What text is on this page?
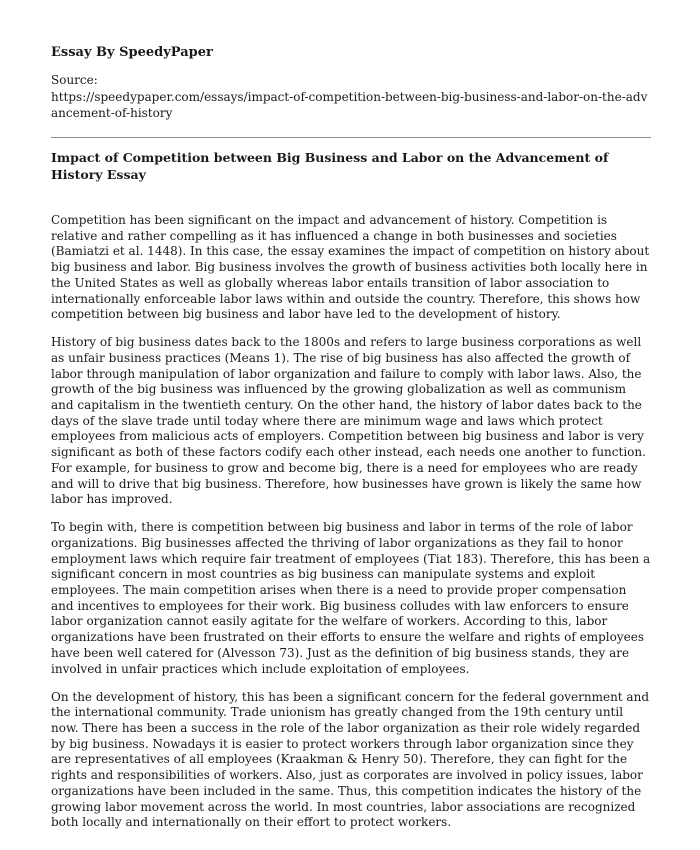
Essay By SpeedyPaper
Source:
https://speedypaper.com/essays/impact-of-competition-between-big-business-and-labor-on-the-advancement-of-history
Impact of Competition between Big Business and Labor on the Advancement of History Essay

Competition has been significant on the impact and advancement of history. Competition is relative and rather compelling as it has influenced a change in both businesses and societies (Bamiatzi et al. 1448). In this case, the essay examines the impact of competition on history about big business and labor. Big business involves the growth of business activities both locally here in the United States as well as globally whereas labor entails transition of labor association to internationally enforceable labor laws within and outside the country. Therefore, this shows how competition between big business and labor have led to the development of history.

History of big business dates back to the 1800s and refers to large business corporations as well as unfair business practices (Means 1). The rise of big business has also affected the growth of labor through manipulation of labor organization and failure to comply with labor laws. Also, the growth of the big business was influenced by the growing globalization as well as communism and capitalism in the twentieth century. On the other hand, the history of labor dates back to the days of the slave trade until today where there are minimum wage and laws which protect employees from malicious acts of employers. Competition between big business and labor is very significant as both of these factors codify each other instead, each needs one another to function. For example, for business to grow and become big, there is a need for employees who are ready and will to drive that big business. Therefore, how businesses have grown is likely the same how labor has improved.

To begin with, there is competition between big business and labor in terms of the role of labor organizations. Big businesses affected the thriving of labor organizations as they fail to honor employment laws which require fair treatment of employees (Tiat 183). Therefore, this has been a significant concern in most countries as big business can manipulate systems and exploit employees. The main competition arises when there is a need to provide proper compensation and incentives to employees for their work. Big business colludes with law enforcers to ensure labor organization cannot easily agitate for the welfare of workers. According to this, labor organizations have been frustrated on their efforts to ensure the welfare and rights of employees have been well catered for (Alvesson 73). Just as the definition of big business stands, they are involved in unfair practices which include exploitation of employees.

On the development of history, this has been a significant concern for the federal government and the international community. Trade unionism has greatly changed from the 19th century until now. There has been a success in the role of the labor organization as their role widely regarded by big business. Nowadays it is easier to protect workers through labor organization since they are representatives of all employees (Kraakman & Henry 50). Therefore, they can fight for the rights and responsibilities of workers. Also, just as corporates are involved in policy issues, labor organizations have been included in the same. Thus, this competition indicates the history of the growing labor movement across the world. In most countries, labor associations are recognized both locally and internationally on their effort to protect workers.
